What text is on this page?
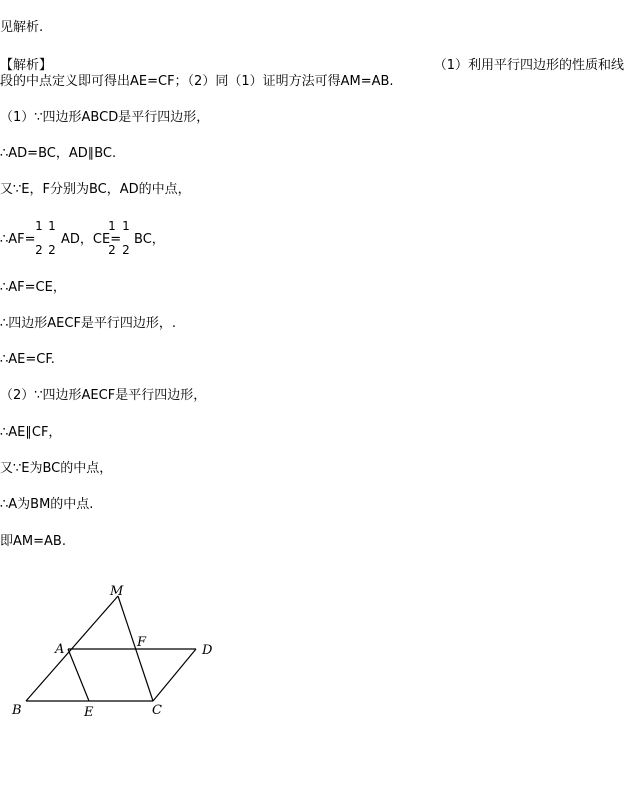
见解析.
【解析】	（1）利用平行四边形的性质和线
段的中点定义即可得出AE=CF；（2）同（1）证明方法可得AM=AB.
（1）∵四边形ABCD是平行四边形，
∴AD=BC，AD∥BC.
又∵E，F分别为BC，AD的中点，
∴AF=
1
2
1
2
AD，CE=
1
2
1
2
BC，
∴AF=CE，
∴四边形AECF是平行四边形，.
∴AE=CF.
（2）∵四边形AECF是平行四边形，
∴AE∥CF，
又∵E为BC的中点，
∴A为BM的中点.
即AM=AB.
M
A	F
D
B	E	C
